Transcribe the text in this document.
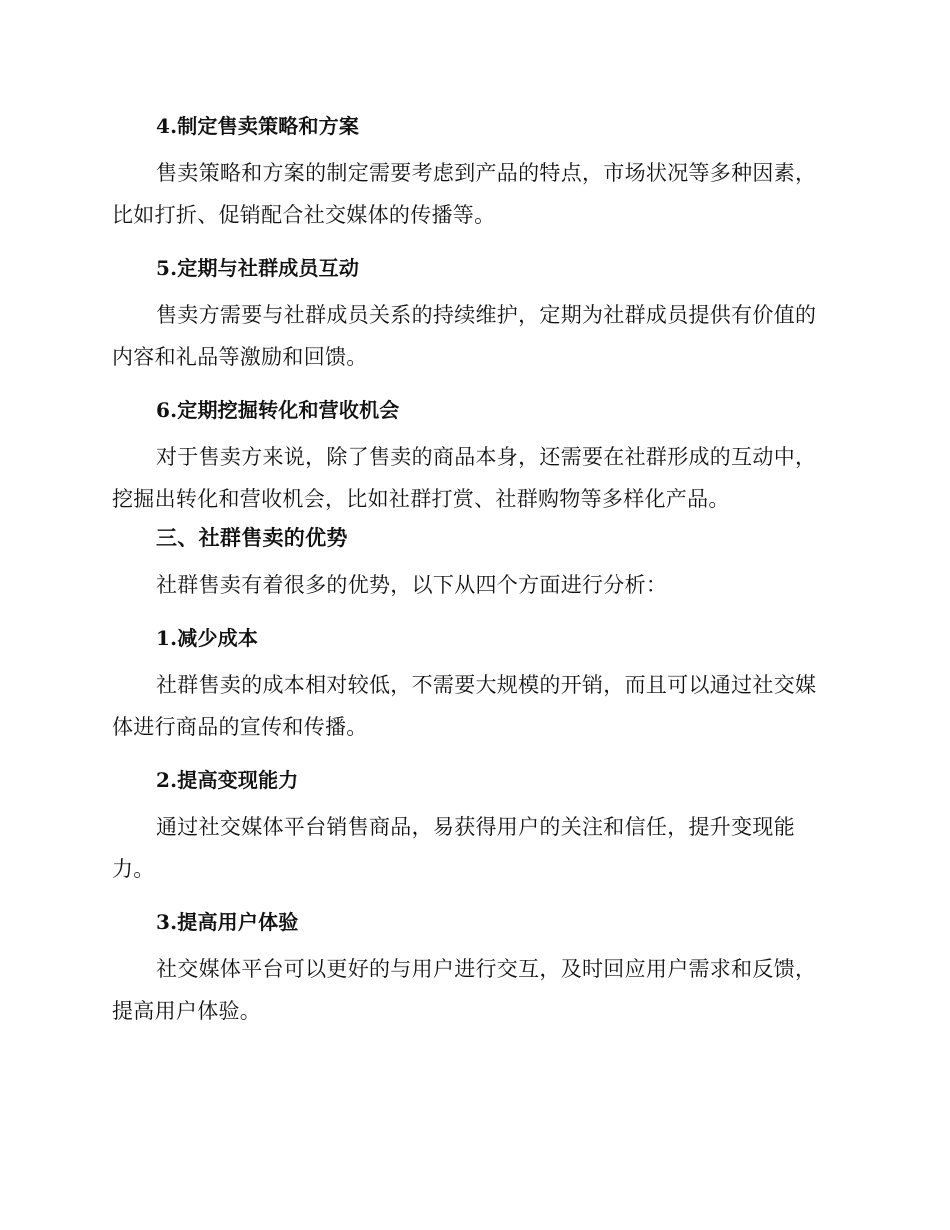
4.制定售卖策略和方案

售卖策略和方案的制定需要考虑到产品的特点，市场状况等多种因素，比如打折、促销配合社交媒体的传播等。

5.定期与社群成员互动

售卖方需要与社群成员关系的持续维护，定期为社群成员提供有价值的内容和礼品等激励和回馈。

6.定期挖掘转化和营收机会

对于售卖方来说，除了售卖的商品本身，还需要在社群形成的互动中，挖掘出转化和营收机会，比如社群打赏、社群购物等多样化产品。

三、社群售卖的优势

社群售卖有着很多的优势，以下从四个方面进行分析：

1.减少成本

社群售卖的成本相对较低，不需要大规模的开销，而且可以通过社交媒体进行商品的宣传和传播。

2.提高变现能力

通过社交媒体平台销售商品，易获得用户的关注和信任，提升变现能力。

3.提高用户体验

社交媒体平台可以更好的与用户进行交互，及时回应用户需求和反馈，提高用户体验。
